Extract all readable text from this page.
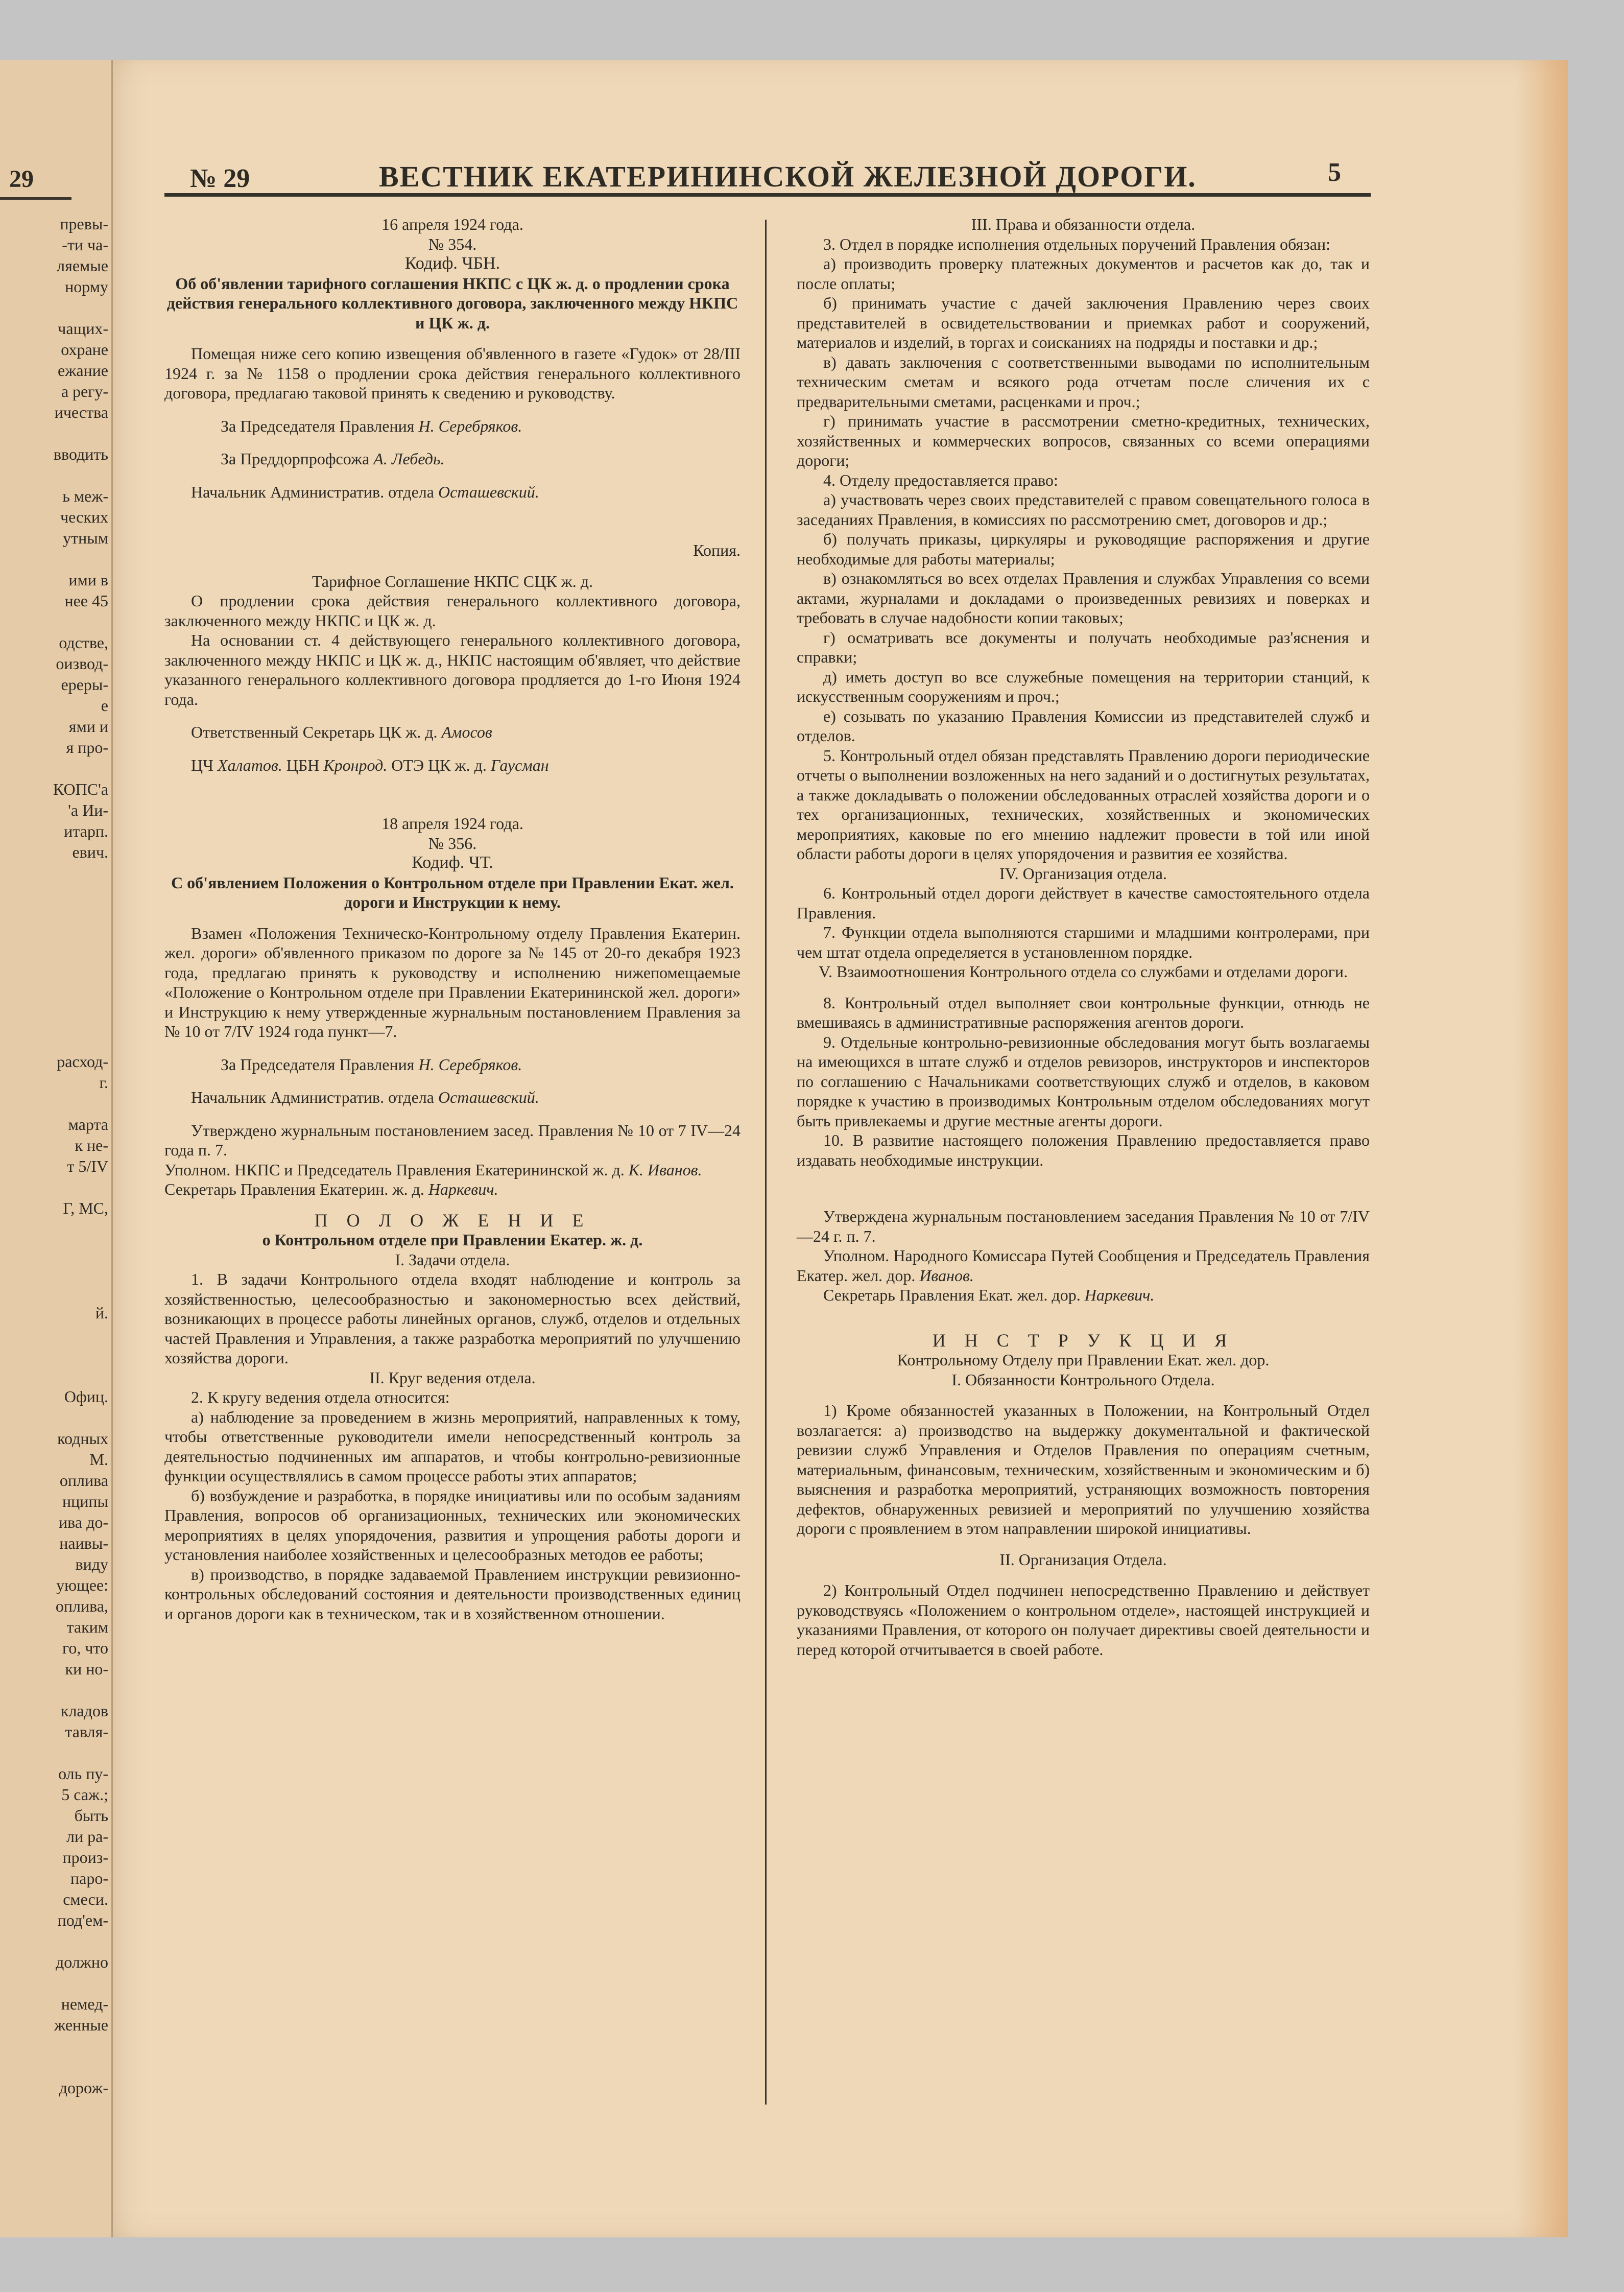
29
превы-
-ти ча-
ляемые
норму

чащих-
охране
ежание
а регу-
ичества

вводить

ь меж-
ческих
утным

ими в
нее 45

одстве,
оизвод-
ереры-
е
ями и
я про-

КОПС'а
'а Ии-
итарп.
евич.

расход-
г.

марта
к не-
т 5/IV

Г, МС,

й.

Офиц.

кодных
М.
оплива
нципы
ива до-
наивы-
виду
ующее:
оплива,
таким
го, что
ки но-

кладов
тавля-

оль пу-
5 саж.;
быть
ли ра-
произ-
паро-
смеси.
под'ем-

должно

немед-
женные

дорож-
№ 29	ВЕСТНИК ЕКАТЕРИНИНСКОЙ ЖЕЛЕЗНОЙ ДОРОГИ.	5

16 апреля 1924 года.

№ 354.

Кодиф. ЧБН.

Об об'явлении тарифного соглашения НКПС с ЦК ж. д. о продлении срока действия генерального коллективного договора, заключенного между НКПС и ЦК ж. д.

Помещая ниже сего копию извещения об'явленного в газете «Гудок» от 28/III 1924 г. за № 1158 о продлении срока действия генерального коллективного договора, предлагаю таковой принять к сведению и руководству.

За Председателя Правления Н. Серебряков.

За Преддорпрофсожа А. Лебедь.

Начальник Административ. отдела Осташевский.

Копия.

Тарифное Соглашение НКПС СЦК ж. д.

О продлении срока действия генерального коллективного договора, заключенного между НКПС и ЦК ж. д.

На основании ст. 4 действующего генерального коллективного договора, заключенного между НКПС и ЦК ж. д., НКПС настоящим об'являет, что действие указанного генерального коллективного договора продляется до 1-го Июня 1924 года.

Ответственный Секретарь ЦК ж. д. Амосов

ЦЧ Халатов. ЦБН Кронрод. ОТЭ ЦК ж. д. Гаусман

18 апреля 1924 года.

№ 356.

Кодиф. ЧТ.

С об'явлением Положения о Контрольном отделе при Правлении Екат. жел. дороги и Инструкции к нему.

Взамен «Положения Техническо-Контрольному отделу Правления Екатерин. жел. дороги» об'явленного приказом по дороге за № 145 от 20-го декабря 1923 года, предлагаю принять к руководству и исполнению нижепомещаемые «Положение о Контрольном отделе при Правлении Екатерининской жел. дороги» и Инструкцию к нему утвержденные журнальным постановлением Правления за № 10 от 7/IV 1924 года пункт—7.

За Председателя Правления Н. Серебряков.

Начальник Административ. отдела Осташевский.

Утверждено журнальным постановлением засед. Правления № 10 от 7 IV—24 года п. 7.

Уполном. НКПС и Председатель Правления Екатерининской ж. д. К. Иванов.

Секретарь Правления Екатерин. ж. д. Наркевич.

П О Л О Ж Е Н И Е

о Контрольном отделе при Правлении Екатер. ж. д.

I. Задачи отдела.

1. В задачи Контрольного отдела входят наблюдение и контроль за хозяйственностью, целесообразностью и закономерностью всех действий, возникающих в процессе работы линейных органов, служб, отделов и отдельных частей Правления и Управления, а также разработка мероприятий по улучшению хозяйства дороги.

II. Круг ведения отдела.

2. К кругу ведения отдела относится:

а) наблюдение за проведением в жизнь мероприятий, направленных к тому, чтобы ответственные руководители имели непосредственный контроль за деятельностью подчиненных им аппаратов, и чтобы контрольно-ревизионные функции осуществлялись в самом процессе работы этих аппаратов;

б) возбуждение и разработка, в порядке инициативы или по особым заданиям Правления, вопросов об организационных, технических или экономических мероприятиях в целях упорядочения, развития и упрощения работы дороги и установления наиболее хозяйственных и целесообразных методов ее работы;

в) производство, в порядке задаваемой Правлением инструкции ревизионно-контрольных обследований состояния и деятельности производственных единиц и органов дороги как в техническом, так и в хозяйственном отношении.

III. Права и обязанности отдела.

3. Отдел в порядке исполнения отдельных поручений Правления обязан:

а) производить проверку платежных документов и расчетов как до, так и после оплаты;

б) принимать участие с дачей заключения Правлению через своих представителей в освидетельствовании и приемках работ и сооружений, материалов и изделий, в торгах и соисканиях на подряды и поставки и др.;

в) давать заключения с соответственными выводами по исполнительным техническим сметам и всякого рода отчетам после сличения их с предварительными сметами, расценками и проч.;

г) принимать участие в рассмотрении сметно-кредитных, технических, хозяйственных и коммерческих вопросов, связанных со всеми операциями дороги;

4. Отделу предоставляется право:

а) участвовать через своих представителей с правом совещательного голоса в заседаниях Правления, в комиссиях по рассмотрению смет, договоров и др.;

б) получать приказы, циркуляры и руководящие распоряжения и другие необходимые для работы материалы;

в) ознакомляться во всех отделах Правления и службах Управления со всеми актами, журналами и докладами о произведенных ревизиях и поверках и требовать в случае надобности копии таковых;

г) осматривать все документы и получать необходимые раз'яснения и справки;

д) иметь доступ во все служебные помещения на территории станций, к искусственным сооружениям и проч.;

е) созывать по указанию Правления Комиссии из представителей служб и отделов.

5. Контрольный отдел обязан представлять Правлению дороги периодические отчеты о выполнении возложенных на него заданий и о достигнутых результатах, а также докладывать о положении обследованных отраслей хозяйства дороги и о тех организационных, технических, хозяйственных и экономических мероприятиях, каковые по его мнению надлежит провести в той или иной области работы дороги в целях упорядочения и развития ее хозяйства.

IV. Организация отдела.

6. Контрольный отдел дороги действует в качестве самостоятельного отдела Правления.

7. Функции отдела выполняются старшими и младшими контролерами, при чем штат отдела определяется в установленном порядке.

V. Взаимоотношения Контрольного отдела со службами и отделами дороги.

8. Контрольный отдел выполняет свои контрольные функции, отнюдь не вмешиваясь в административные распоряжения агентов дороги.

9. Отдельные контрольно-ревизионные обследования могут быть возлагаемы на имеющихся в штате служб и отделов ревизоров, инструкторов и инспекторов по соглашению с Начальниками соответствующих служб и отделов, в каковом порядке к участию в производимых Контрольным отделом обследованиях могут быть привлекаемы и другие местные агенты дороги.

10. В развитие настоящего положения Правлению предоставляется право издавать необходимые инструкции.

Утверждена журнальным постановлением заседания Правления № 10 от 7/IV—24 г. п. 7.

Уполном. Народного Комиссара Путей Сообщения и Председатель Правления Екатер. жел. дор. Иванов.

Секретарь Правления Екат. жел. дор. Наркевич.

И Н С Т Р У К Ц И Я

Контрольному Отделу при Правлении Екат. жел. дор.

I. Обязанности Контрольного Отдела.

1) Кроме обязанностей указанных в Положении, на Контрольный Отдел возлагается: а) производство на выдержку документальной и фактической ревизии служб Управления и Отделов Правления по операциям счетным, материальным, финансовым, техническим, хозяйственным и экономическим и б) выяснения и разработка мероприятий, устраняющих возможность повторения дефектов, обнаруженных ревизией и мероприятий по улучшению хозяйства дороги с проявлением в этом направлении широкой инициативы.

II. Организация Отдела.

2) Контрольный Отдел подчинен непосредственно Правлению и действует руководствуясь «Положением о контрольном отделе», настоящей инструкцией и указаниями Правления, от которого он получает директивы своей деятельности и перед которой отчитывается в своей работе.
